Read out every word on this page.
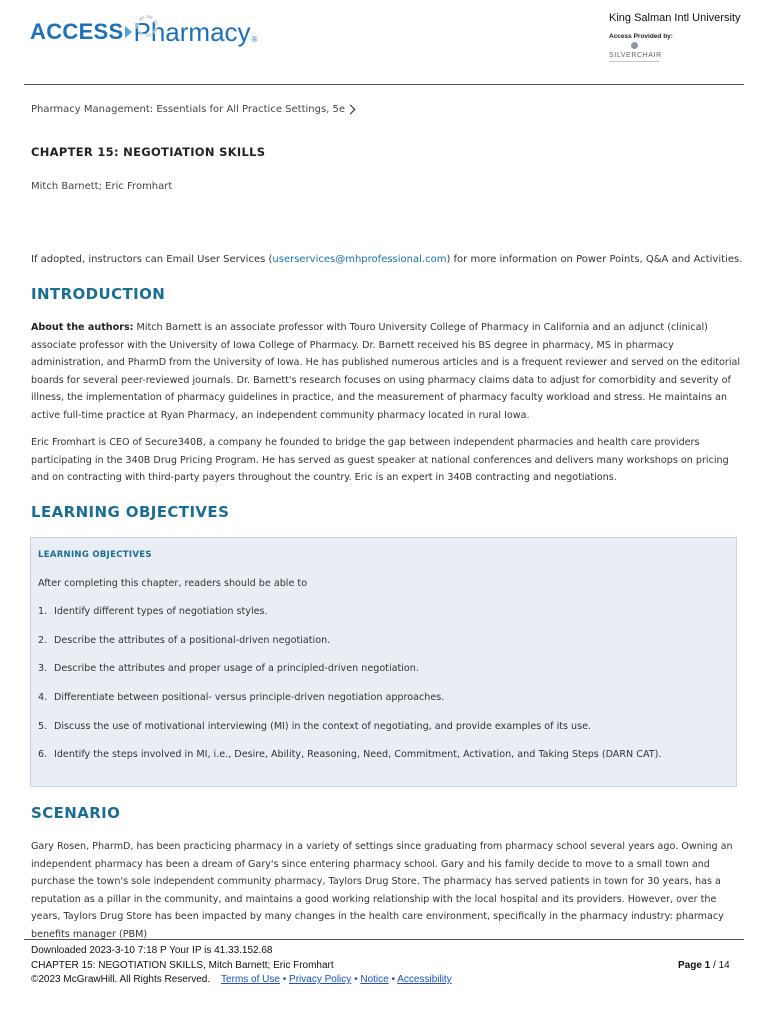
ACCESS Pharmacy ®
King Salman Intl University
Access Provided by:
SILVERCHAIR
Pharmacy Management: Essentials for All Practice Settings, 5e
CHAPTER 15: NEGOTIATION SKILLS
Mitch Barnett; Eric Fromhart
If adopted, instructors can Email User Services (userservices@mhprofessional.com) for more information on Power Points, Q&A and Activities.
INTRODUCTION

About the authors: Mitch Barnett is an associate professor with Touro University College of Pharmacy in California and an adjunct (clinical) associate professor with the University of Iowa College of Pharmacy. Dr. Barnett received his BS degree in pharmacy, MS in pharmacy administration, and PharmD from the University of Iowa. He has published numerous articles and is a frequent reviewer and served on the editorial boards for several peer-reviewed journals. Dr. Barnett's research focuses on using pharmacy claims data to adjust for comorbidity and severity of illness, the implementation of pharmacy guidelines in practice, and the measurement of pharmacy faculty workload and stress. He maintains an active full-time practice at Ryan Pharmacy, an independent community pharmacy located in rural Iowa.

Eric Fromhart is CEO of Secure340B, a company he founded to bridge the gap between independent pharmacies and health care providers participating in the 340B Drug Pricing Program. He has served as guest speaker at national conferences and delivers many workshops on pricing and on contracting with third-party payers throughout the country. Eric is an expert in 340B contracting and negotiations.

LEARNING OBJECTIVES
LEARNING OBJECTIVES
After completing this chapter, readers should be able to
1. Identify different types of negotiation styles.
2. Describe the attributes of a positional-driven negotiation.
3. Describe the attributes and proper usage of a principled-driven negotiation.
4. Differentiate between positional- versus principle-driven negotiation approaches.
5. Discuss the use of motivational interviewing (MI) in the context of negotiating, and provide examples of its use.
6. Identify the steps involved in MI, i.e., Desire, Ability, Reasoning, Need, Commitment, Activation, and Taking Steps (DARN CAT).
SCENARIO

Gary Rosen, PharmD, has been practicing pharmacy in a variety of settings since graduating from pharmacy school several years ago. Owning an independent pharmacy has been a dream of Gary's since entering pharmacy school. Gary and his family decide to move to a small town and purchase the town's sole independent community pharmacy, Taylors Drug Store. The pharmacy has served patients in town for 30 years, has a reputation as a pillar in the community, and maintains a good working relationship with the local hospital and its providers. However, over the years, Taylors Drug Store has been impacted by many changes in the health care environment, specifically in the pharmacy industry: pharmacy benefits manager (PBM)

Downloaded 2023-3-10 7:18 P Your IP is 41.33.152.68
CHAPTER 15: NEGOTIATION SKILLS, Mitch Barnett; Eric Fromhart
©2023 McGrawHill. All Rights Reserved. Terms of Use • Privacy Policy • Notice • Accessibility
Page 1 / 14
